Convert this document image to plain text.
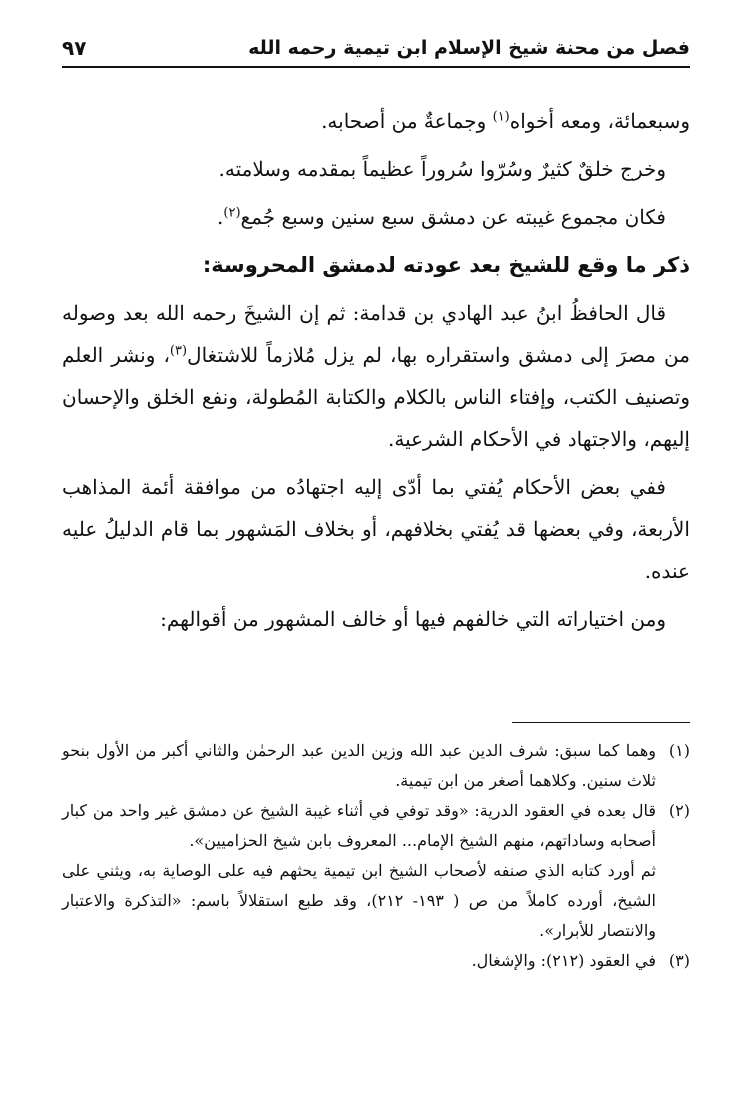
فصل من محنة شيخ الإسلام ابن تيمية رحمه الله
٩٧

وسبعمائة، ومعه أخواه$^{(١)}$ وجماعةٌ من أصحابه.

وخرج خلقٌ كثيرٌ وسُرّوا سُروراً عظيماً بمقدمه وسلامته.

فكان مجموع غيبته عن دمشق سبع سنين وسبع جُمع$^{(٢)}$.

ذكر ما وقع للشيخ بعد عودته لدمشق المحروسة:

قال الحافظُ ابنُ عبد الهادي بن قدامة: ثم إن الشيخَ رحمه الله بعد وصوله من مصرَ إلى دمشق واستقراره بها، لم يزل مُلازماً للاشتغال$^{(٣)}$، ونشر العلم وتصنيف الكتب، وإفتاء الناس بالكلام والكتابة المُطولة، ونفع الخلق والإحسان إليهم، والاجتهاد في الأحكام الشرعية.

ففي بعض الأحكام يُفتي بما أدّى إليه اجتهادُه من موافقة أئمة المذاهب الأربعة، وفي بعضها قد يُفتي بخلافهم، أو بخلاف المَشهور بما قام الدليلُ عليه عنده.

ومن اختياراته التي خالفهم فيها أو خالف المشهور من أقوالهم:

(١)
وهما كما سبق: شرف الدين عبد الله وزين الدين عبد الرحمٰن والثاني أكبر من الأول بنحو ثلاث سنين. وكلاهما أصغر من ابن تيمية.
(٢)
قال بعده في العقود الدرية: «وقد توفي في أثناء غيبة الشيخ عن دمشق غير واحد من كبار أصحابه وساداتهم، منهم الشيخ الإمام... المعروف بابن شيخ الحزاميين».
ثم أورد كتابه الذي صنفه لأصحاب الشيخ ابن تيمية يحثهم فيه على الوصاية به، ويثني على الشيخ، أورده كاملاً من ص ( ١٩٣- ٢١٢)، وقد طبع استقلالاً باسم: «التذكرة والاعتبار والانتصار للأبرار».
(٣)
في العقود (٢١٢): والإشغال.
